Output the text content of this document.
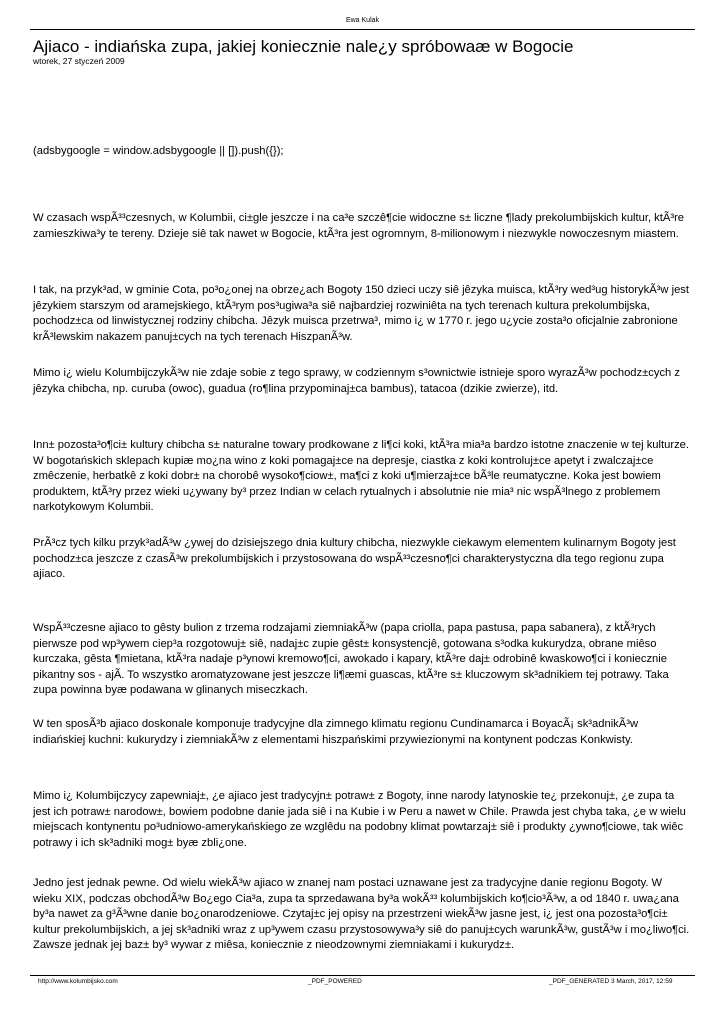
Ewa Kulak
Ajiaco - indiańska zupa, jakiej koniecznie nale¿y spróbowaæ w Bogocie
wtorek, 27 styczeń 2009

(adsbygoogle = window.adsbygoogle || []).push({});

W czasach wspÃ³³czesnych, w Kolumbii, ci±gle jeszcze i na ca³e szczê¶cie widoczne s± liczne ¶lady prekolumbijskich kultur, ktÃ³re zamieszkiwa³y te tereny. Dzieje siê tak nawet w Bogocie, ktÃ³ra jest ogromnym, 8-milionowym i niezwykle nowoczesnym miastem.

I tak, na przyk³ad, w gminie Cota, po³o¿onej na obrze¿ach Bogoty 150 dzieci uczy siê jêzyka muisca, ktÃ³ry wed³ug historykÃ³w jest jêzykiem starszym od aramejskiego, ktÃ³rym pos³ugiwa³a siê najbardziej rozwiniêta na tych terenach kultura prekolumbijska, pochodz±ca od linwistycznej rodziny chibcha. Jêzyk muisca przetrwa³, mimo i¿ w 1770 r. jego u¿ycie zosta³o oficjalnie zabronione krÃ³lewskim nakazem panuj±cych na tych terenach HiszpanÃ³w.

Mimo i¿ wielu KolumbijczykÃ³w nie zdaje sobie z tego sprawy, w codziennym s³ownictwie istnieje sporo wyrazÃ³w pochodz±cych z jêzyka chibcha, np. curuba (owoc), guadua (ro¶lina przypominaj±ca bambus), tatacoa (dzikie zwierze), itd.

Inn± pozosta³o¶ci± kultury chibcha s± naturalne towary prodkowane z li¶ci koki, ktÃ³ra mia³a bardzo istotne znaczenie w tej kulturze. W bogotańskich sklepach kupiæ mo¿na wino z koki pomagaj±ce na depresje, ciastka z koki kontroluj±ce apetyt i zwalczaj±ce zmêczenie, herbatkê z koki dobr± na chorobê wysoko¶ciow±, ma¶ci z koki u¶mierzaj±ce bÃ³le reumatyczne. Koka jest bowiem produktem, ktÃ³ry przez wieki u¿ywany by³ przez Indian w celach rytualnych i absolutnie nie mia³ nic wspÃ³lnego z problemem narkotykowym Kolumbii.

PrÃ³cz tych kilku przyk³adÃ³w ¿ywej do dzisiejszego dnia kultury chibcha, niezwykle ciekawym elementem kulinarnym Bogoty jest pochodz±ca jeszcze z czasÃ³w prekolumbijskich i przystosowana do wspÃ³³czesno¶ci charakterystyczna dla tego regionu zupa ajiaco.

WspÃ³³czesne ajiaco to gêsty bulion z trzema rodzajami ziemniakÃ³w (papa criolla, papa pastusa, papa sabanera), z ktÃ³rych pierwsze pod wp³ywem ciep³a rozgotowuj± siê, nadaj±c zupie gêst± konsystencjê, gotowana s³odka kukurydza, obrane miêso kurczaka, gêsta ¶mietana, ktÃ³ra nadaje p³ynowi kremowo¶ci, awokado i kapary, ktÃ³re daj± odrobinê kwaskowo¶ci i koniecznie pikantny sos - ajÃ. To wszystko aromatyzowane jest jeszcze li¶æmi guascas, ktÃ³re s± kluczowym sk³adnikiem tej potrawy. Taka zupa powinna byæ podawana w glinanych miseczkach.

W ten sposÃ³b ajiaco doskonale komponuje tradycyjne dla zimnego klimatu regionu Cundinamarca i BoyacÃ¡ sk³adnikÃ³w indiańskiej kuchni: kukurydzy i ziemniakÃ³w z elementami hiszpańskimi przywiezionymi na kontynent podczas Konkwisty.

Mimo i¿ Kolumbijczycy zapewniaj±, ¿e ajiaco jest tradycyjn± potraw± z Bogoty, inne narody latynoskie te¿ przekonuj±, ¿e zupa ta jest ich potraw± narodow±, bowiem podobne danie jada siê i na Kubie i w Peru a nawet w Chile. Prawda jest chyba taka, ¿e w wielu miejscach kontynentu po³udniowo-amerykańskiego ze wzglêdu na podobny klimat powtarzaj± siê i produkty ¿ywno¶ciowe, tak wiêc potrawy i ich sk³adniki mog± byæ zbli¿one.

Jedno jest jednak pewne. Od wielu wiekÃ³w ajiaco w znanej nam postaci uznawane jest za tradycyjne danie regionu Bogoty. W wieku XIX, podczas obchodÃ³w Bo¿ego Cia³a, zupa ta sprzedawana by³a wokÃ³³ kolumbijskich ko¶cio³Ã³w, a od 1840 r. uwa¿ana by³a nawet za g³Ã³wne danie bo¿onarodzeniowe. Czytaj±c jej opisy na przestrzeni wiekÃ³w jasne jest, i¿ jest ona pozosta³o¶ci± kultur prekolumbijskich, a jej sk³adniki wraz z up³ywem czasu przystosowywa³y siê do panuj±cych warunkÃ³w, gustÃ³w i mo¿liwo¶ci. Zawsze jednak jej baz± by³ wywar z miêsa, koniecznie z nieodzownymi ziemniakami i kukurydz±.

http://www.kolumbijsko.com	_PDF_POWERED	_PDF_GENERATED 3 March, 2017, 12:59
